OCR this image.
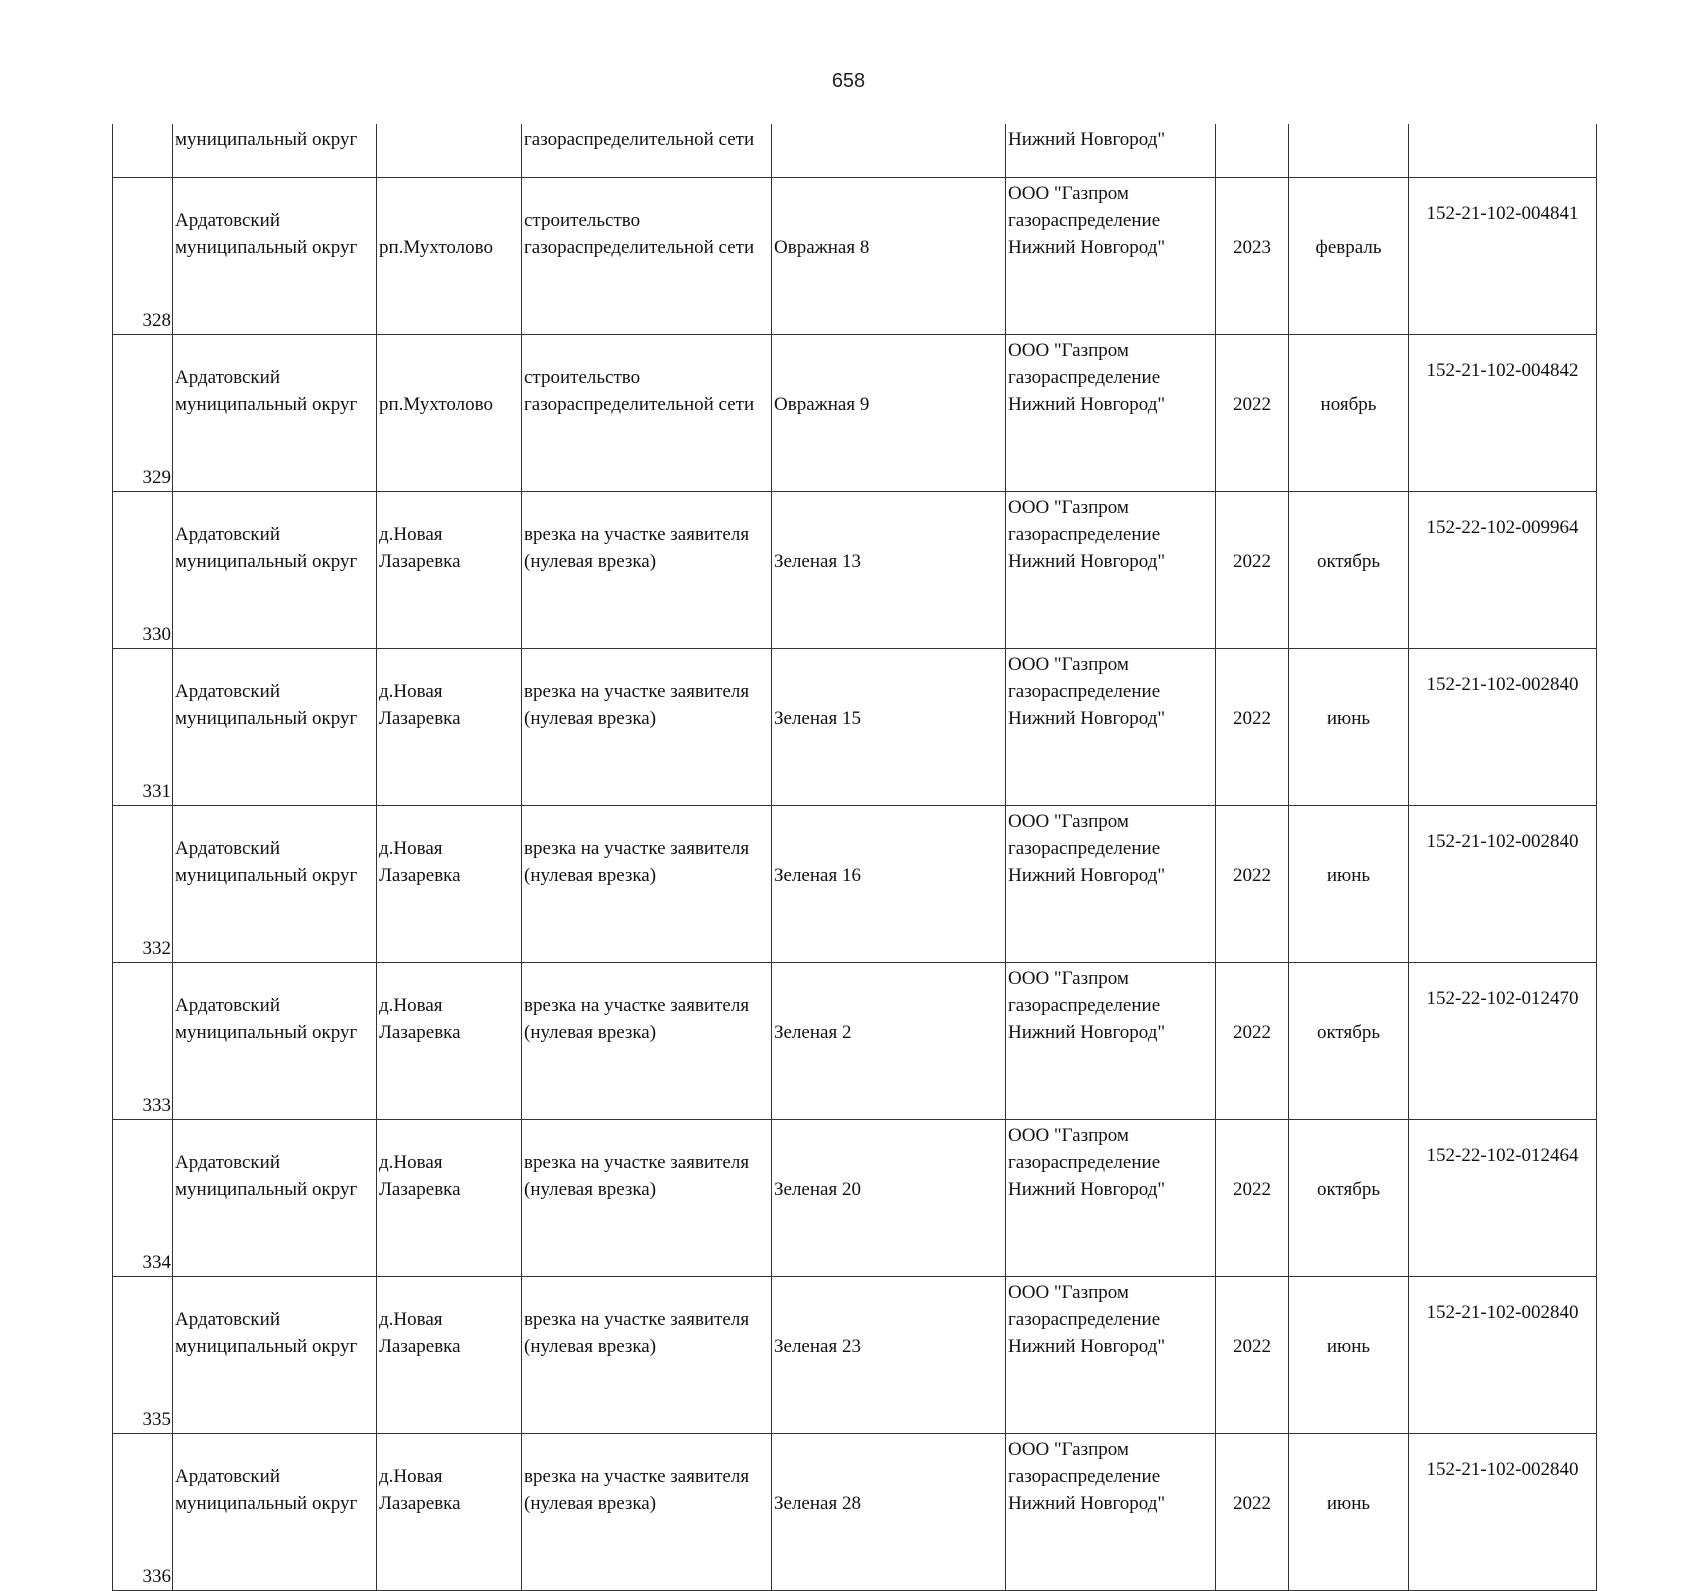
658
	муниципальный округ		газораспределительной сети		Нижний Новгород"			
328	Ардатовский
муниципальный округ	рп.Мухтолово	строительство
газораспределительной сети	Овражная 8	ООО "Газпром
газораспределение
Нижний Новгород"	2023	февраль	152-21-102-004841
329	Ардатовский
муниципальный округ	рп.Мухтолово	строительство
газораспределительной сети	Овражная 9	ООО "Газпром
газораспределение
Нижний Новгород"	2022	ноябрь	152-21-102-004842
330	Ардатовский
муниципальный округ	д.Новая
Лазаревка	врезка на участке заявителя
(нулевая врезка)	Зеленая 13	ООО "Газпром
газораспределение
Нижний Новгород"	2022	октябрь	152-22-102-009964
331	Ардатовский
муниципальный округ	д.Новая
Лазаревка	врезка на участке заявителя
(нулевая врезка)	Зеленая 15	ООО "Газпром
газораспределение
Нижний Новгород"	2022	июнь	152-21-102-002840
332	Ардатовский
муниципальный округ	д.Новая
Лазаревка	врезка на участке заявителя
(нулевая врезка)	Зеленая 16	ООО "Газпром
газораспределение
Нижний Новгород"	2022	июнь	152-21-102-002840
333	Ардатовский
муниципальный округ	д.Новая
Лазаревка	врезка на участке заявителя
(нулевая врезка)	Зеленая 2	ООО "Газпром
газораспределение
Нижний Новгород"	2022	октябрь	152-22-102-012470
334	Ардатовский
муниципальный округ	д.Новая
Лазаревка	врезка на участке заявителя
(нулевая врезка)	Зеленая 20	ООО "Газпром
газораспределение
Нижний Новгород"	2022	октябрь	152-22-102-012464
335	Ардатовский
муниципальный округ	д.Новая
Лазаревка	врезка на участке заявителя
(нулевая врезка)	Зеленая 23	ООО "Газпром
газораспределение
Нижний Новгород"	2022	июнь	152-21-102-002840
336	Ардатовский
муниципальный округ	д.Новая
Лазаревка	врезка на участке заявителя
(нулевая врезка)	Зеленая 28	ООО "Газпром
газораспределение
Нижний Новгород"	2022	июнь	152-21-102-002840
